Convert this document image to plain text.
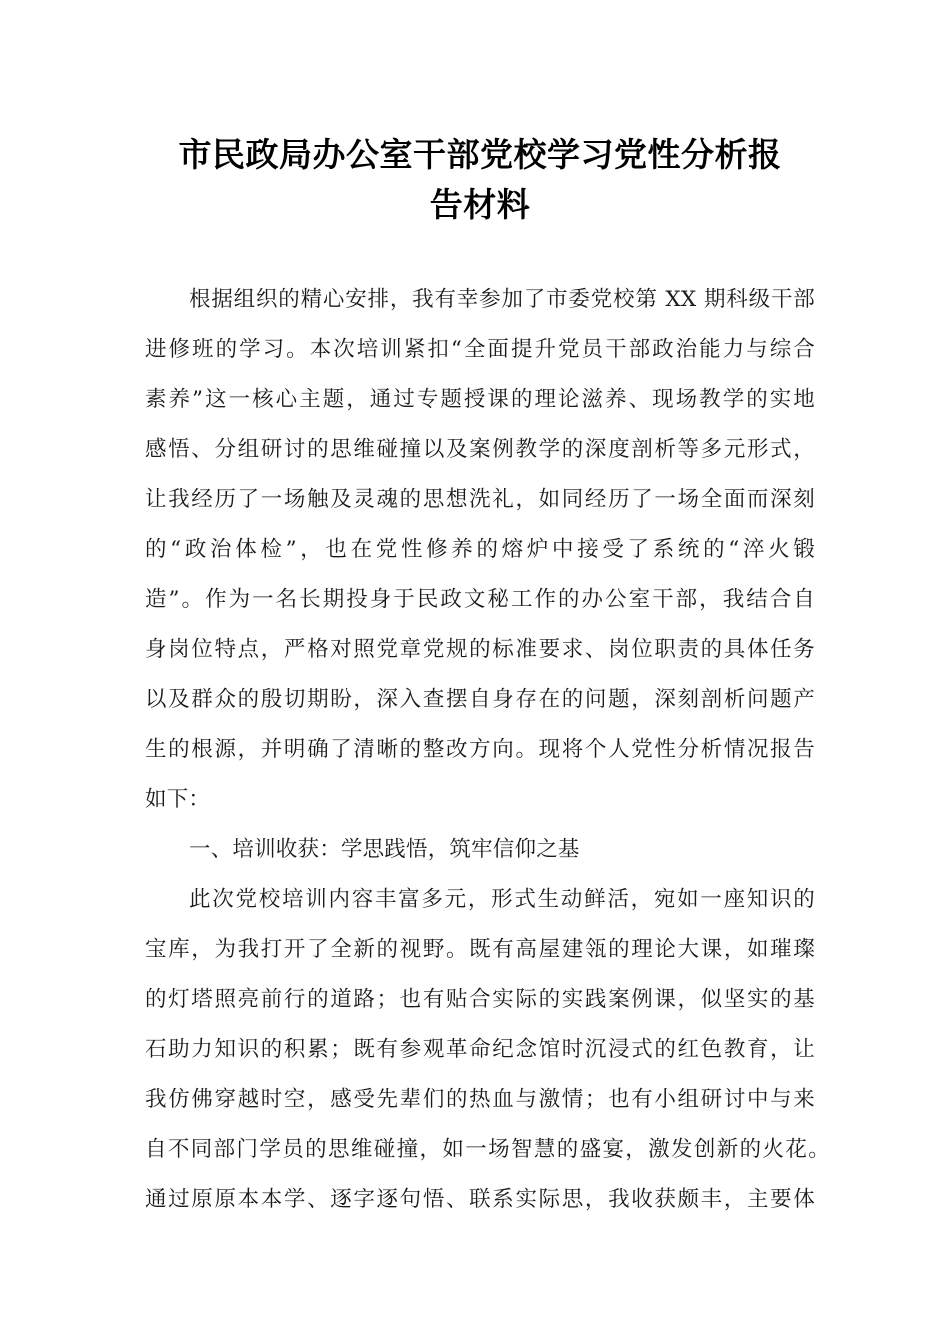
市民政局办公室干部党校学习党性分析报
告材料
根据组织的精心安排，我有幸参加了市委党校第 XX 期科级干部
进修班的学习。本次培训紧扣“全面提升党员干部政治能力与综合
素养”这一核心主题，通过专题授课的理论滋养、现场教学的实地
感悟、分组研讨的思维碰撞以及案例教学的深度剖析等多元形式，
让我经历了一场触及灵魂的思想洗礼，如同经历了一场全面而深刻
的“政治体检”，也在党性修养的熔炉中接受了系统的“淬火锻
造”。作为一名长期投身于民政文秘工作的办公室干部，我结合自
身岗位特点，严格对照党章党规的标准要求、岗位职责的具体任务
以及群众的殷切期盼，深入查摆自身存在的问题，深刻剖析问题产
生的根源，并明确了清晰的整改方向。现将个人党性分析情况报告
如下：
一、培训收获：学思践悟，筑牢信仰之基
此次党校培训内容丰富多元，形式生动鲜活，宛如一座知识的
宝库，为我打开了全新的视野。既有高屋建瓴的理论大课，如璀璨
的灯塔照亮前行的道路；也有贴合实际的实践案例课，似坚实的基
石助力知识的积累；既有参观革命纪念馆时沉浸式的红色教育，让
我仿佛穿越时空，感受先辈们的热血与激情；也有小组研讨中与来
自不同部门学员的思维碰撞，如一场智慧的盛宴，激发创新的火花。
通过原原本本学、逐字逐句悟、联系实际思，我收获颇丰，主要体
